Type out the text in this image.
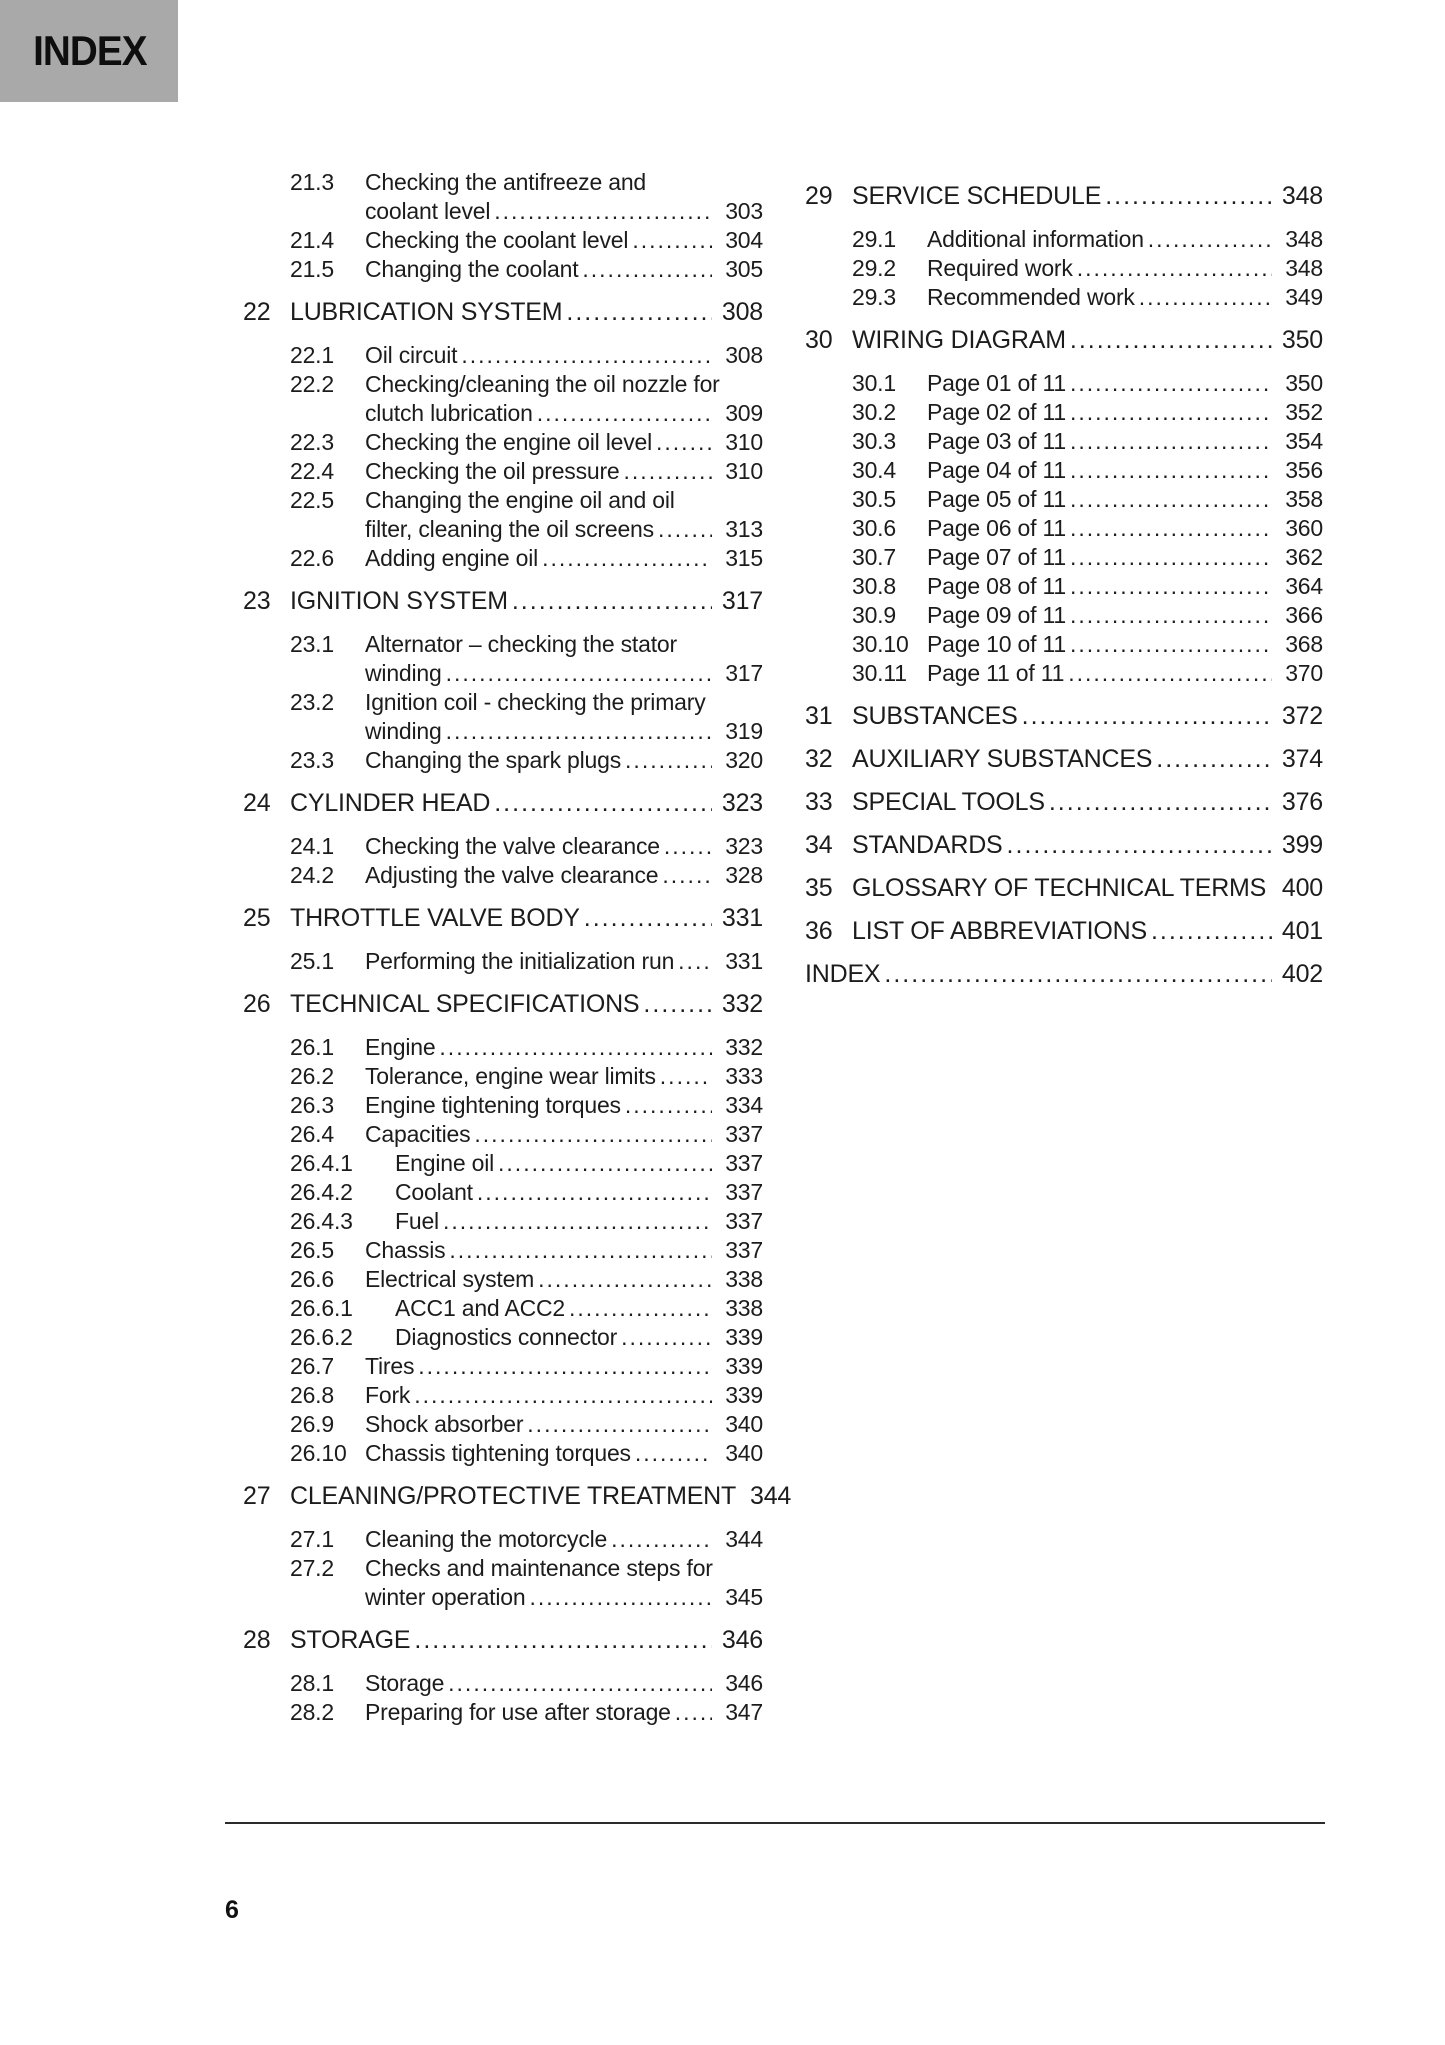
INDEX
21.3	Checking the antifreeze and
coolant level .....	303
21.4	Checking the coolant level .....	304
21.5	Changing the coolant .....	305
22 LUBRICATION SYSTEM .....	308
22.1	Oil circuit .....	308
22.2	Checking/cleaning the oil nozzle for
clutch lubrication .....	309
22.3	Checking the engine oil level .....	310
22.4	Checking the oil pressure .....	310
22.5	Changing the engine oil and oil
filter, cleaning the oil screens .....	313
22.6	Adding engine oil .....	315
23 IGNITION SYSTEM .....	317
23.1	Alternator – checking the stator
winding .....	317
23.2	Ignition coil - checking the primary
winding .....	319
23.3	Changing the spark plugs .....	320
24 CYLINDER HEAD .....	323
24.1	Checking the valve clearance .....	323
24.2	Adjusting the valve clearance .....	328
25 THROTTLE VALVE BODY .....	331
25.1	Performing the initialization run ..... 331
26 TECHNICAL SPECIFICATIONS .....	332
26.1	Engine .....	332
26.2	Tolerance, engine wear limits .....	333
26.3	Engine tightening torques .....	334
26.4	Capacities .....	337
26.4.1	Engine oil .....	337
26.4.2	Coolant .....	337
26.4.3	Fuel .....	337
26.5	Chassis .....	337
26.6	Electrical system .....	338
26.6.1	ACC1 and ACC2 .....	338
26.6.2	Diagnostics connector .....	339
26.7	Tires .....	339
26.8	Fork .....	339
26.9	Shock absorber .....	340
26.10 Chassis tightening torques .....	340
27 CLEANING/PROTECTIVE TREATMENT 344
27.1	Cleaning the motorcycle .....	344
27.2	Checks and maintenance steps for
winter operation .....	345
28 STORAGE .....	346
28.1	Storage .....	346
28.2	Preparing for use after storage ..... 347
29 SERVICE SCHEDULE .....	348
29.1	Additional information .....	348
29.2	Required work .....	348
29.3	Recommended work .....	349
30 WIRING DIAGRAM .....	350
30.1	Page 01 of 11 .....	350
30.2	Page 02 of 11 .....	352
30.3	Page 03 of 11 .....	354
30.4	Page 04 of 11 .....	356
30.5	Page 05 of 11 .....	358
30.6	Page 06 of 11 .....	360
30.7	Page 07 of 11 .....	362
30.8	Page 08 of 11 .....	364
30.9	Page 09 of 11 .....	366
30.10 Page 10 of 11 .....	368
30.11 Page 11 of 11 .....	370
31 SUBSTANCES .....	372
32 AUXILIARY SUBSTANCES .....	374
33 SPECIAL TOOLS .....	376
34 STANDARDS .....	399
35 GLOSSARY OF TECHNICAL TERMS ..... 400
36 LIST OF ABBREVIATIONS .....	401
INDEX .....	402
6
